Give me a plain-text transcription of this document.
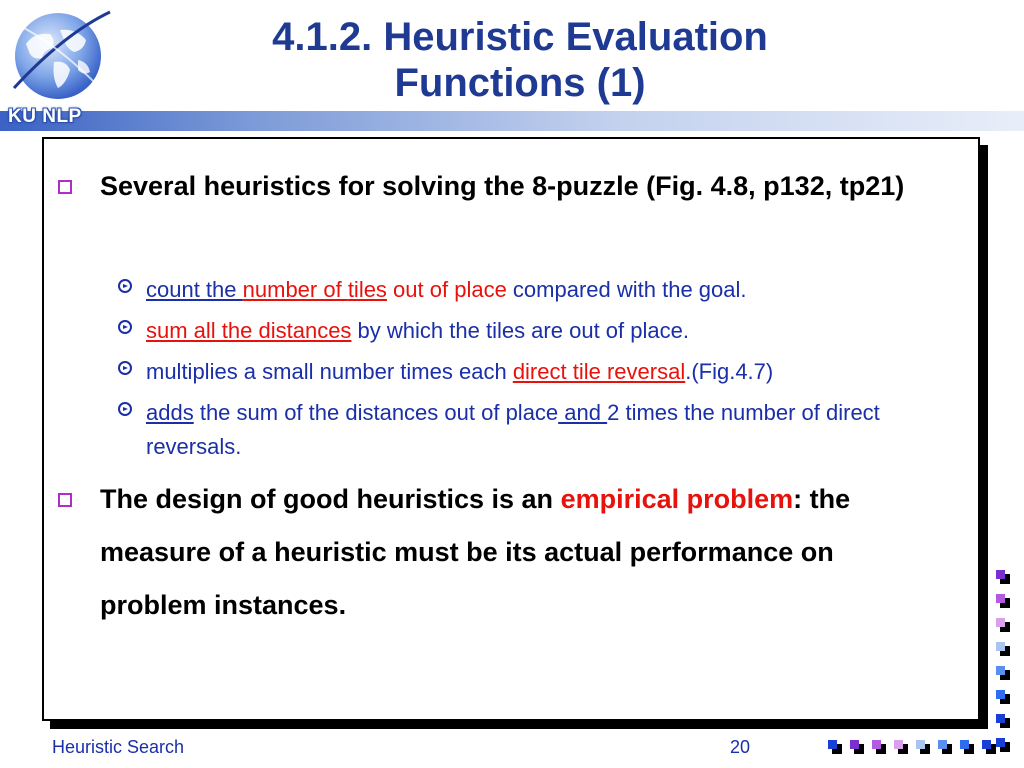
KU NLP
4.1.2. Heuristic Evaluation
Functions (1)
Several heuristics for solving the 8-puzzle (Fig. 4.8, p132, tp21)
count the number of tiles out of place compared with the goal.
sum all the distances by which the tiles are out of place.
multiplies a small number times each direct tile reversal.(Fig.4.7)
adds the sum of the distances out of place and 2 times the number of direct reversals.
The design of good heuristics is an empirical problem: the measure of a heuristic must be its actual performance on problem instances.
Heuristic Search	20
